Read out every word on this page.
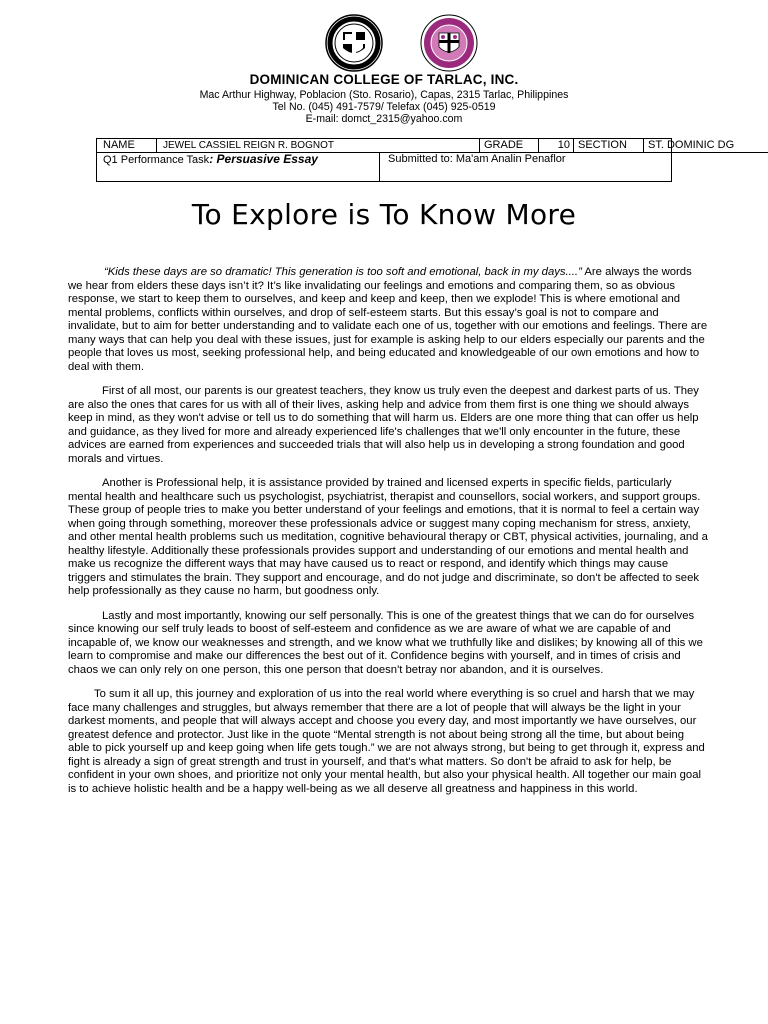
DOMINICAN COLLEGE OF TARLAC, INC.
Mac Arthur Highway, Poblacion (Sto. Rosario), Capas, 2315 Tarlac, Philippines
Tel No. (045) 491-7579/ Telefax (045) 925-0519
E-mail: domct_2315@yahoo.com
NAME	JEWEL CASSIEL REIGN R. BOGNOT	GRADE	10 SECTION	ST. DOMINIC DG
Q1 Performance Task: Persuasive Essay	Submitted to: Ma'am Analin Penaflor
To Explore is To Know More

“Kids these days are so dramatic! This generation is too soft and emotional, back in my days....” Are always the words we hear from elders these days isn’t it? It’s like invalidating our feelings and emotions and comparing them, so as obvious response, we start to keep them to ourselves, and keep and keep and keep, then we explode! This is where emotional and mental problems, conflicts within ourselves, and drop of self-esteem starts. But this essay’s goal is not to compare and invalidate, but to aim for better understanding and to validate each one of us, together with our emotions and feelings. There are many ways that can help you deal with these issues, just for example is asking help to our elders especially our parents and the people that loves us most, seeking professional help, and being educated and knowledgeable of our own emotions and how to deal with them.

First of all most, our parents is our greatest teachers, they know us truly even the deepest and darkest parts of us. They are also the ones that cares for us with all of their lives, asking help and advice from them first is one thing we should always keep in mind, as they won't advise or tell us to do something that will harm us. Elders are one more thing that can offer us help and guidance, as they lived for more and already experienced life's challenges that we'll only encounter in the future, these advices are earned from experiences and succeeded trials that will also help us in developing a strong foundation and good morals and virtues.

Another is Professional help, it is assistance provided by trained and licensed experts in specific fields, particularly mental health and healthcare such us psychologist, psychiatrist, therapist and counsellors, social workers, and support groups. These group of people tries to make you better understand of your feelings and emotions, that it is normal to feel a certain way when going through something, moreover these professionals advice or suggest many coping mechanism for stress, anxiety, and other mental health problems such us meditation, cognitive behavioural therapy or CBT, physical activities, journaling, and a healthy lifestyle. Additionally these professionals provides support and understanding of our emotions and mental health and make us recognize the different ways that may have caused us to react or respond, and identify which things may cause triggers and stimulates the brain. They support and encourage, and do not judge and discriminate, so don't be affected to seek help professionally as they cause no harm, but goodness only.

Lastly and most importantly, knowing our self personally. This is one of the greatest things that we can do for ourselves since knowing our self truly leads to boost of self-esteem and confidence as we are aware of what we are capable of and incapable of, we know our weaknesses and strength, and we know what we truthfully like and dislikes; by knowing all of this we learn to compromise and make our differences the best out of it. Confidence begins with yourself, and in times of crisis and chaos we can only rely on one person, this one person that doesn't betray nor abandon, and it is ourselves.

To sum it all up, this journey and exploration of us into the real world where everything is so cruel and harsh that we may face many challenges and struggles, but always remember that there are a lot of people that will always be the light in your darkest moments, and people that will always accept and choose you every day, and most importantly we have ourselves, our greatest defence and protector. Just like in the quote “Mental strength is not about being strong all the time, but about being able to pick yourself up and keep going when life gets tough.” we are not always strong, but being to get through it, express and fight is already a sign of great strength and trust in yourself, and that's what matters. So don't be afraid to ask for help, be confident in your own shoes, and prioritize not only your mental health, but also your physical health. All together our main goal is to achieve holistic health and be a happy well-being as we all deserve all greatness and happiness in this world.
